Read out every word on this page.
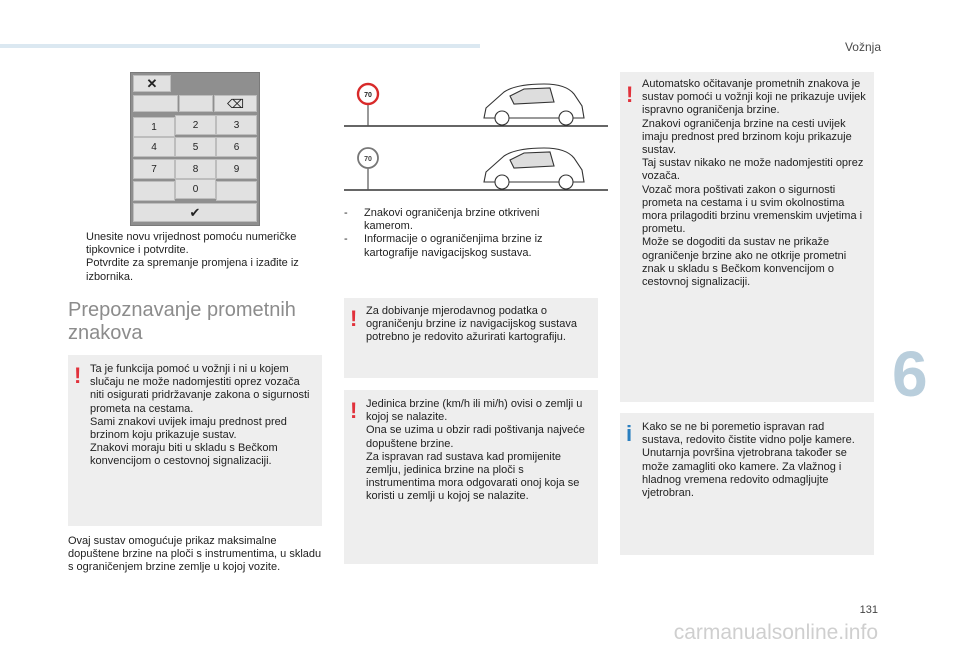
Vožnja
6
131
carmanualsonline.info
✕
⌫
1	2	3
4	5	6
7	8	9
0
✔
Unesite novu vrijednost pomoću numeričke tipkovnice i potvrdite.
Potvrdite za spremanje promjena i izađite iz izbornika.
Prepoznavanje prometnih znakova
! Ta je funkcija pomoć u vožnji i ni u kojem slučaju ne može nadomjestiti oprez vozača niti osigurati pridržavanje zakona o sigurnosti prometa na cestama.
Sami znakovi uvijek imaju prednost pred brzinom koju prikazuje sustav.
Znakovi moraju biti u skladu s Bečkom konvencijom o cestovnoj signalizaciji.
Ovaj sustav omogućuje prikaz maksimalne dopuštene brzine na ploči s instrumentima, u skladu s ograničenjem brzine zemlje u kojoj vozite.
70
70
-	Znakovi ograničenja brzine otkriveni kamerom.
-	Informacije o ograničenjima brzine iz kartografije navigacijskog sustava.
! Za dobivanje mjerodavnog podatka o ograničenju brzine iz navigacijskog sustava potrebno je redovito ažurirati kartografiju.
! Jedinica brzine (km/h ili mi/h) ovisi o zemlji u kojoj se nalazite.
Ona se uzima u obzir radi poštivanja najveće dopuštene brzine.
Za ispravan rad sustava kad promijenite zemlju, jedinica brzine na ploči s instrumentima mora odgovarati onoj koja se koristi u zemlji u kojoj se nalazite.
! Automatsko očitavanje prometnih znakova je sustav pomoći u vožnji koji ne prikazuje uvijek ispravno ograničenja brzine.
Znakovi ograničenja brzine na cesti uvijek imaju prednost pred brzinom koju prikazuje sustav.
Taj sustav nikako ne može nadomjestiti oprez vozača.
Vozač mora poštivati zakon o sigurnosti prometa na cestama i u svim okolnostima mora prilagoditi brzinu vremenskim uvjetima i prometu.
Može se dogoditi da sustav ne prikaže ograničenje brzine ako ne otkrije prometni znak u skladu s Bečkom konvencijom o cestovnoj signalizaciji.
i Kako se ne bi poremetio ispravan rad sustava, redovito čistite vidno polje kamere.
Unutarnja površina vjetrobrana također se može zamagliti oko kamere. Za vlažnog i hladnog vremena redovito odmagljujte vjetrobran.
